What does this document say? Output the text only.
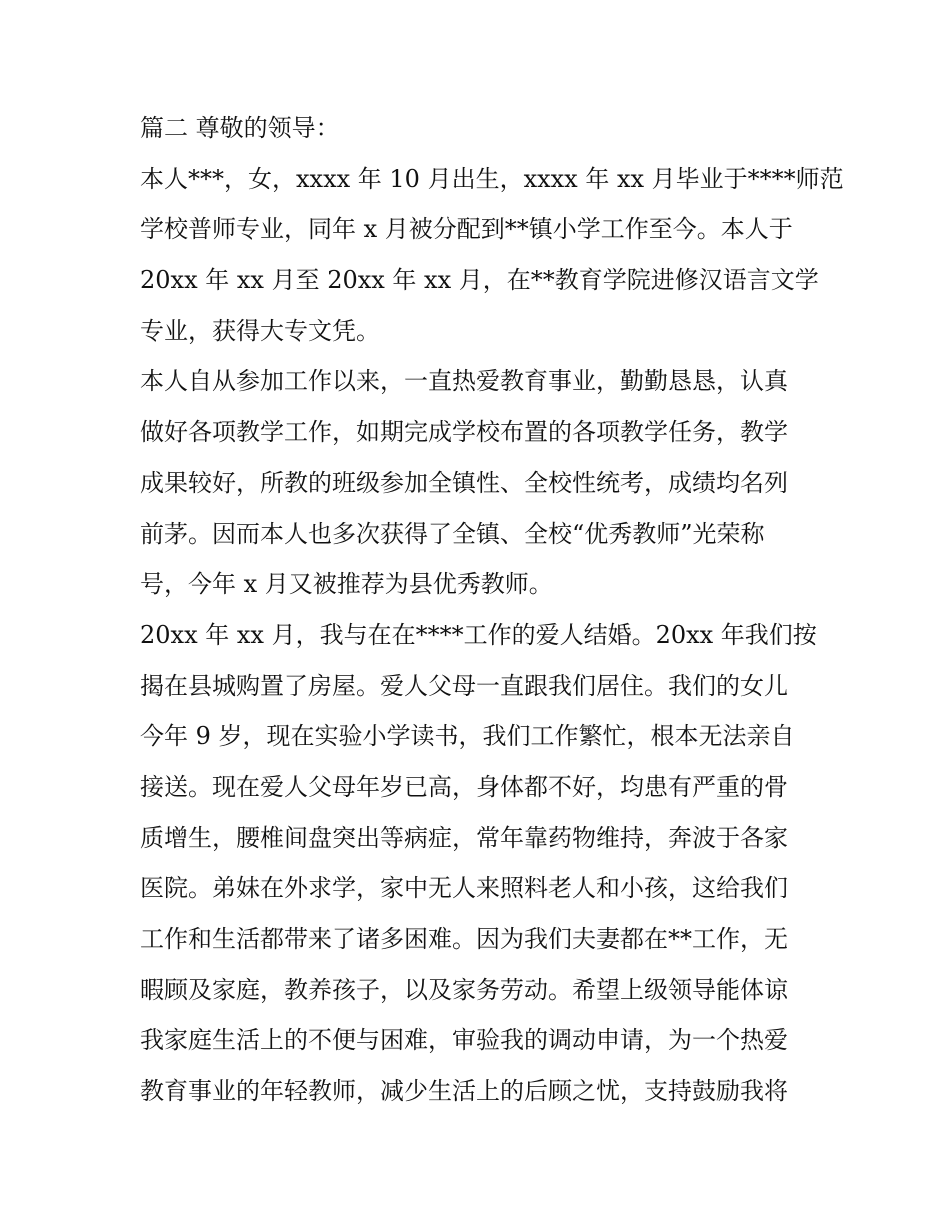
篇二 尊敬的领导：
本人***，女，xxxx 年 10 月出生，xxxx 年 xx 月毕业于****师范
学校普师专业，同年 x 月被分配到**镇小学工作至今。本人于
20xx 年 xx 月至 20xx 年 xx 月，在**教育学院进修汉语言文学
专业，获得大专文凭。
本人自从参加工作以来，一直热爱教育事业，勤勤恳恳，认真
做好各项教学工作，如期完成学校布置的各项教学任务，教学
成果较好，所教的班级参加全镇性、全校性统考，成绩均名列
前茅。因而本人也多次获得了全镇、全校“优秀教师”光荣称
号，今年 x 月又被推荐为县优秀教师。
20xx 年 xx 月，我与在在****工作的爱人结婚。20xx 年我们按
揭在县城购置了房屋。爱人父母一直跟我们居住。我们的女儿
今年 9 岁，现在实验小学读书，我们工作繁忙，根本无法亲自
接送。现在爱人父母年岁已高，身体都不好，均患有严重的骨
质增生，腰椎间盘突出等病症，常年靠药物维持，奔波于各家
医院。弟妹在外求学，家中无人来照料老人和小孩，这给我们
工作和生活都带来了诸多困难。因为我们夫妻都在**工作，无
暇顾及家庭，教养孩子，以及家务劳动。希望上级领导能体谅
我家庭生活上的不便与困难，审验我的调动申请，为一个热爱
教育事业的年轻教师，减少生活上的后顾之忧，支持鼓励我将
